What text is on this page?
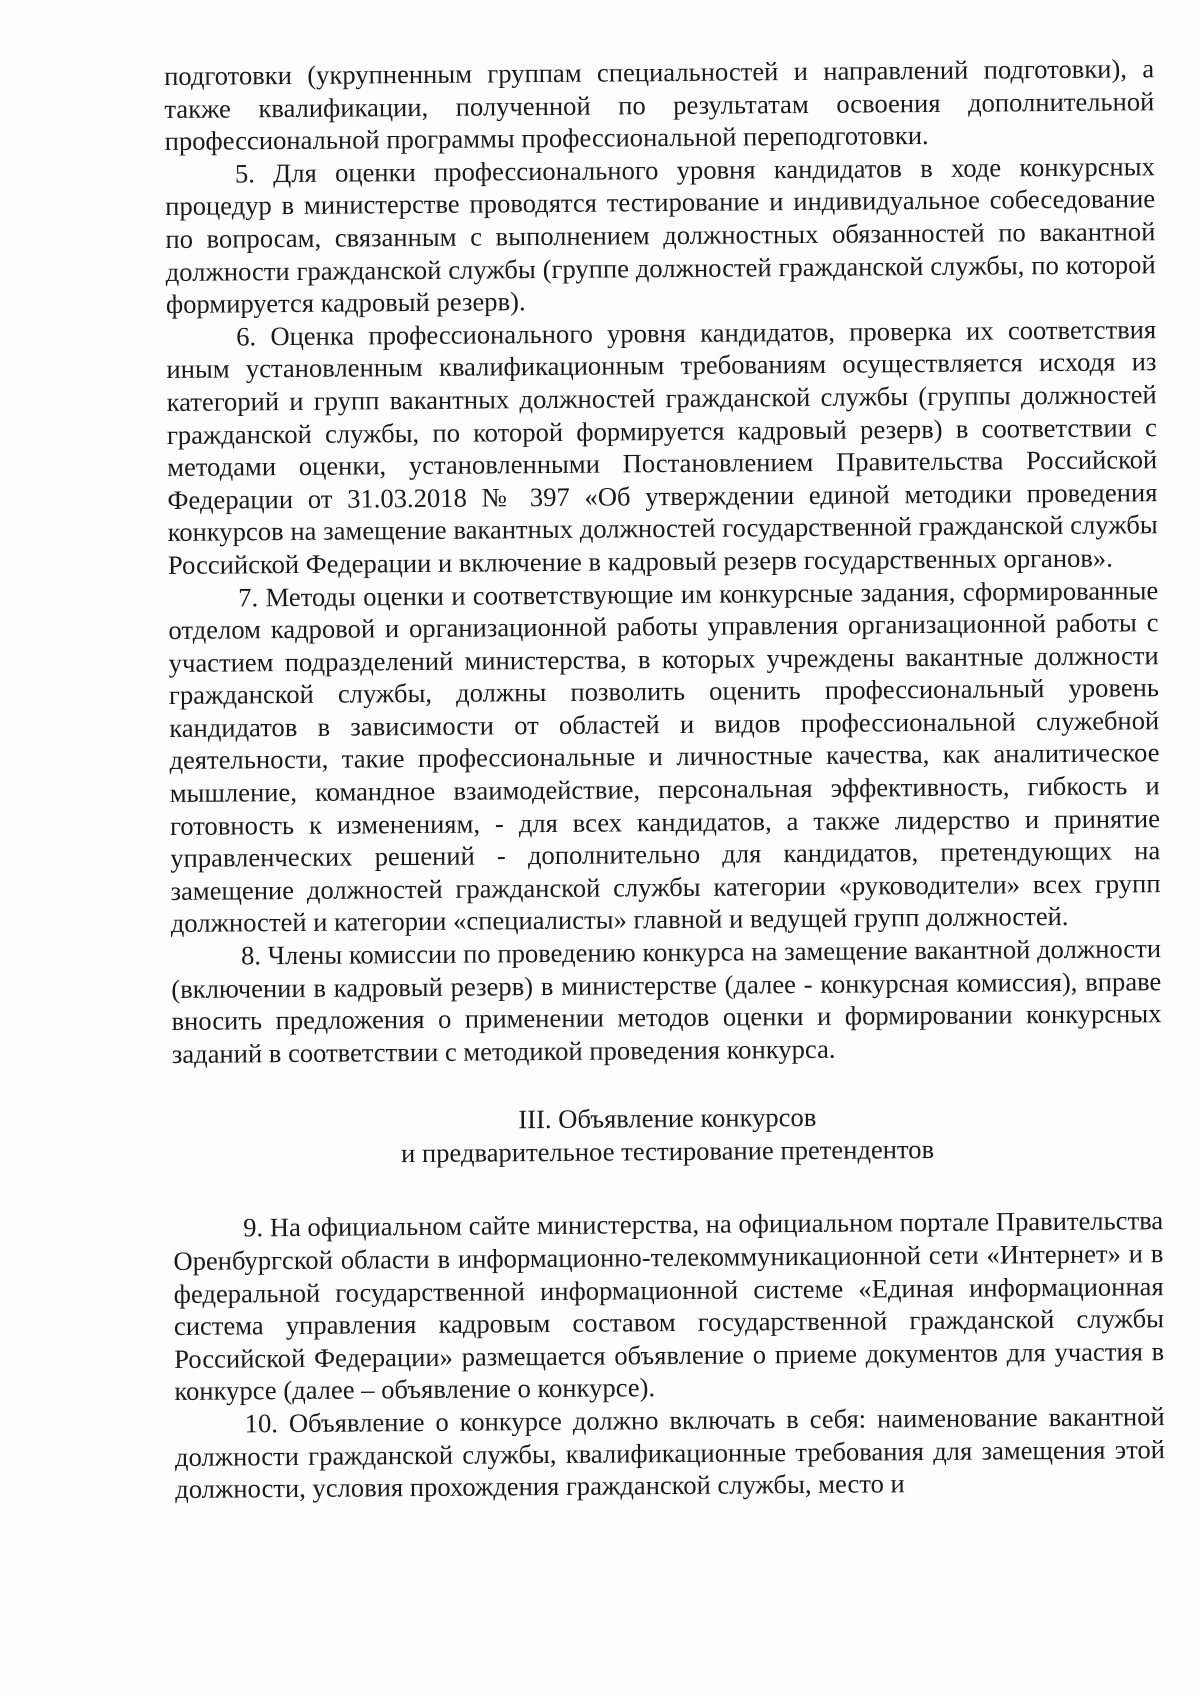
подготовки (укрупненным группам специальностей и направлений подготовки), а также квалификации, полученной по результатам освоения дополнительной профессиональной программы профессиональной переподготовки.

5. Для оценки профессионального уровня кандидатов в ходе конкурсных процедур в министерстве проводятся тестирование и индивидуальное собеседование по вопросам, связанным с выполнением должностных обязанностей по вакантной должности гражданской службы (группе должностей гражданской службы, по которой формируется кадровый резерв).

6. Оценка профессионального уровня кандидатов, проверка их соответствия иным установленным квалификационным требованиям осуществляется исходя из категорий и групп вакантных должностей гражданской службы (группы должностей гражданской службы, по которой формируется кадровый резерв) в соответствии с методами оценки, установленными Постановлением Правительства Российской Федерации от 31.03.2018 № 397 «Об утверждении единой методики проведения конкурсов на замещение вакантных должностей государственной гражданской службы Российской Федерации и включение в кадровый резерв государственных органов».

7. Методы оценки и соответствующие им конкурсные задания, сформированные отделом кадровой и организационной работы управления организационной работы с участием подразделений министерства, в которых учреждены вакантные должности гражданской службы, должны позволить оценить профессиональный уровень кандидатов в зависимости от областей и видов профессиональной служебной деятельности, такие профессиональные и личностные качества, как аналитическое мышление, командное взаимодействие, персональная эффективность, гибкость и готовность к изменениям, - для всех кандидатов, а также лидерство и принятие управленческих решений - дополнительно для кандидатов, претендующих на замещение должностей гражданской службы категории «руководители» всех групп должностей и категории «специалисты» главной и ведущей групп должностей.

8. Члены комиссии по проведению конкурса на замещение вакантной должности (включении в кадровый резерв) в министерстве (далее - конкурсная комиссия), вправе вносить предложения о применении методов оценки и формировании конкурсных заданий в соответствии с методикой проведения конкурса.

III. Объявление конкурсов
и предварительное тестирование претендентов

9. На официальном сайте министерства, на официальном портале Правительства Оренбургской области в информационно-телекоммуникационной сети «Интернет» и в федеральной государственной информационной системе «Единая информационная система управления кадровым составом государственной гражданской службы Российской Федерации» размещается объявление о приеме документов для участия в конкурсе (далее – объявление о конкурсе).

10. Объявление о конкурсе должно включать в себя: наименование вакантной должности гражданской службы, квалификационные требования для замещения этой должности, условия прохождения гражданской службы, место и
